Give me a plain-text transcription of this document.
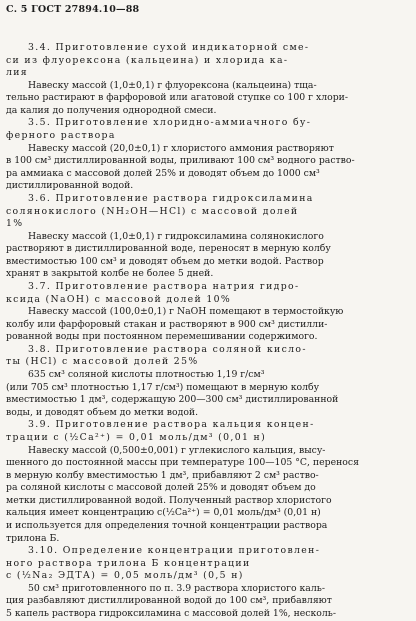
С. 5 ГОСТ 27894.10—88
3.4. Приготовление сухой индикаторной сме-
си из флуорексона (кальцеина) и хлорида ка-
лия
Навеску массой (1,0±0,1) г флуорексона (кальцеина) тща-
тельно растирают в фарфоровой или агатовой ступке со 100 г хлори-
да калия до получения однородной смеси.
3.5. Приготовление хлоридно-аммиачного бу-
ферного раствора
Навеску массой (20,0±0,1) г хлористого аммония растворяют
в 100 см³ дистиллированной воды, приливают 100 см³ водного раство-
ра аммиака с массовой долей 25% и доводят объем до 1000 см³
дистиллированной водой.
3.6. Приготовление раствора гидроксиламина
солянокислого (NH₂OH—HCl) с массовой долей
1%
Навеску массой (1,0±0,1) г гидроксиламина солянокислого
растворяют в дистиллированной воде, переносят в мерную колбу
вместимостью 100 см³ и доводят объем до метки водой. Раствор
хранят в закрытой колбе не более 5 дней.
3.7. Приготовление раствора натрия гидро-
ксида (NaOH) с массовой долей 10%
Навеску массой (100,0±0,1) г NaOH помещают в термостойкую
колбу или фарфоровый стакан и растворяют в 900 см³ дистилли-
рованной воды при постоянном перемешивании содержимого.
3.8. Приготовление раствора соляной кисло-
ты (HCl) с массовой долей 25%
635 см³ соляной кислоты плотностью 1,19 г/см³
(или 705 см³ плотностью 1,17 г/см³) помещают в мерную колбу
вместимостью 1 дм³, содержащую 200—300 см³ дистиллированной
воды, и доводят объем до метки водой.
3.9. Приготовление раствора кальция концен-
трации c (½Ca²⁺) = 0,01 моль/дм³ (0,01 н)
Навеску массой (0,500±0,001) г углекислого кальция, высу-
шенного до постоянной массы при температуре 100—105 °С, перенося
в мерную колбу вместимостью 1 дм³, прибавляют 2 см³ раство-
ра соляной кислоты с массовой долей 25% и доводят объем до
метки дистиллированной водой. Полученный раствор хлористого
кальция имеет концентрацию c(½Ca²⁺) = 0,01 моль/дм³ (0,01 н)
и используется для определения точной концентрации раствора
трилона Б.
3.10. Определение концентрации приготовлен-
ного раствора трилона Б концентрации
c (½Na₂ ЭДТА) = 0,05 моль/дм³ (0,5 н)
50 см³ приготовленного по п. 3.9 раствора хлористого каль-
ция разбавляют дистиллированной водой до 100 см³, прибавляют
5 капель раствора гидроксиламина с массовой долей 1%, несколь-
